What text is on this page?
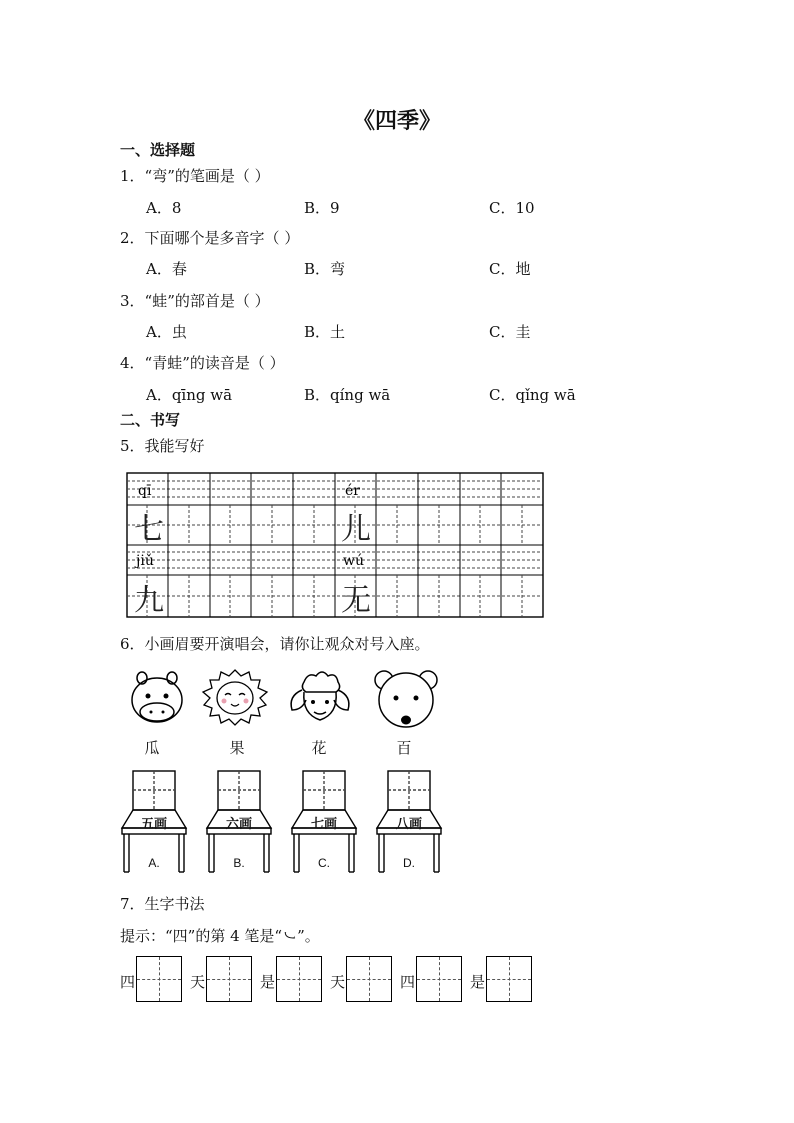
《四季》
一、选择题
1．“弯”的笔画是（ ）
A．8	B．9	C．10
2．下面哪个是多音字（ ）
A．春	B．弯	C．地
3．“蛙”的部首是（ ）
A．虫	B．土	C．圭
4．“青蛙”的读音是（ ）
A．qīng wā	B．qíng wā	C．qǐng wā
二、书写
5．我能写好
qī
七
ér
儿
jiǔ
九
wú
无
6．小画眉要开演唱会，请你让观众对号入座。
瓜	果	花	百
五画
A.
六画
B.
七画
C.
八画
D.
7．生字书法
提示：“四”的第 4 笔是“㇃”。
四	天	是	天	四	是
